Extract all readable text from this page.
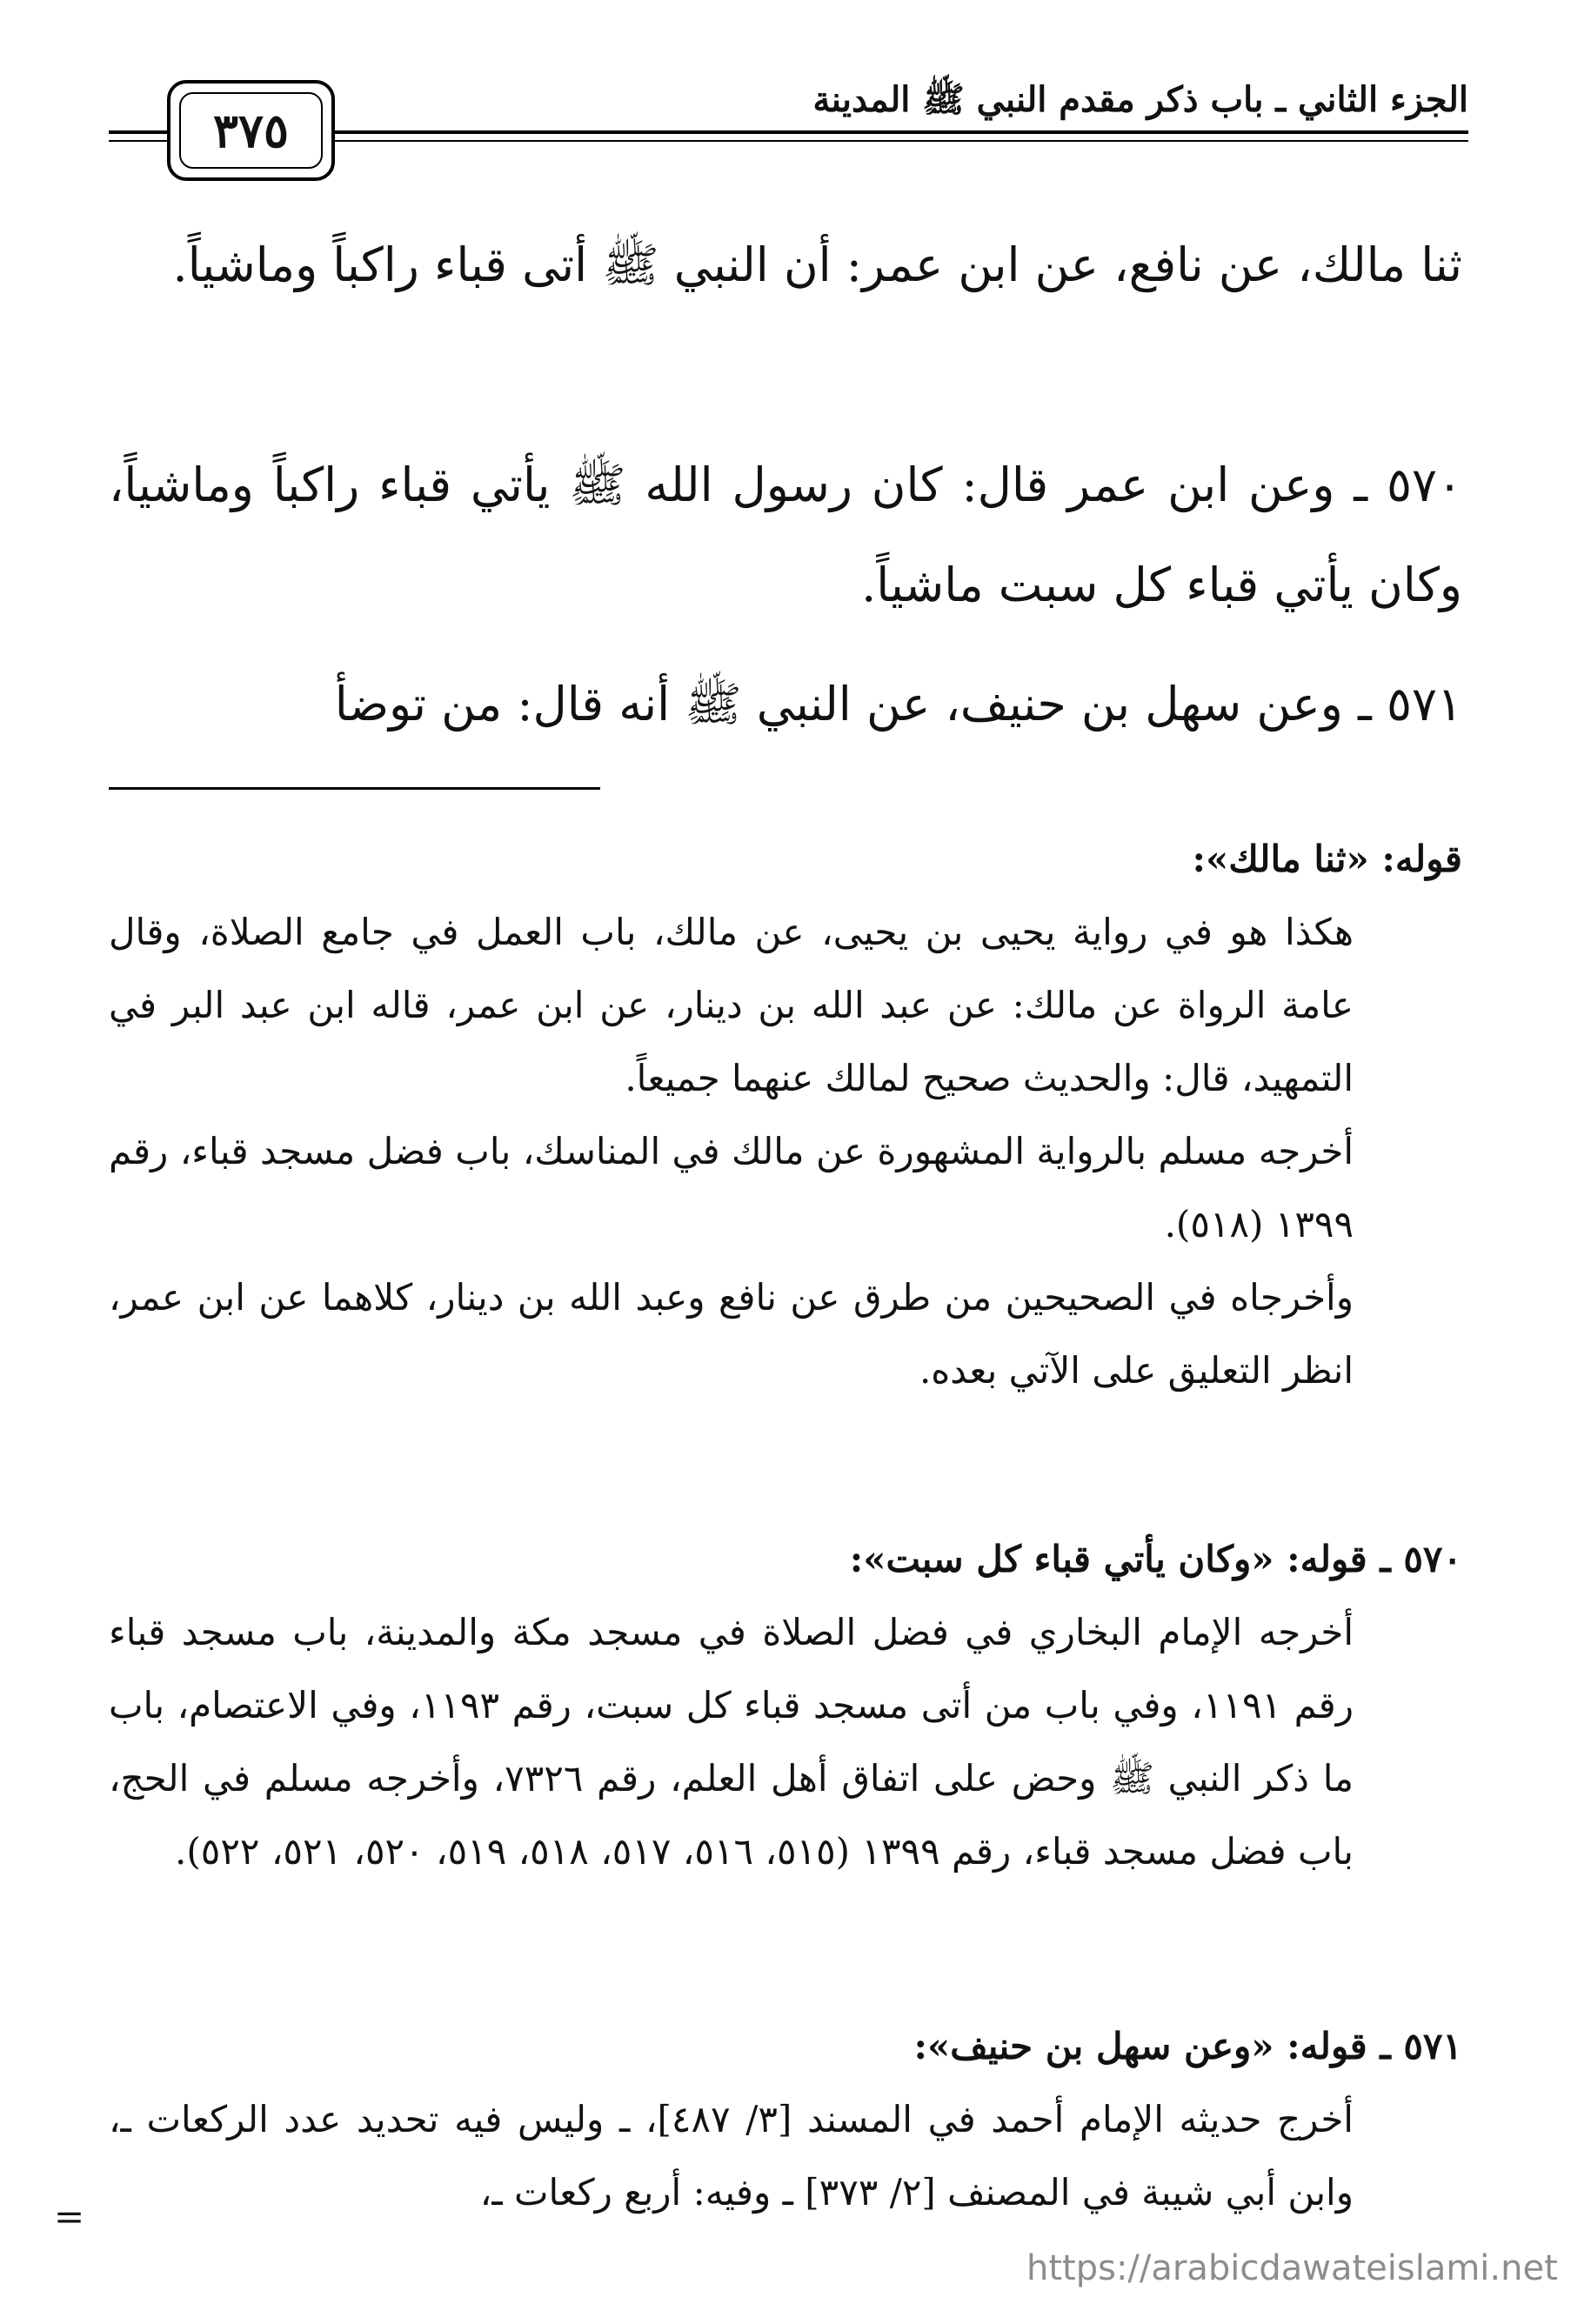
الجزء الثاني ـ باب ذكر مقدم النبي ﷺ المدينة
٣٧٥

ثنا مالك، عن نافع، عن ابن عمر: أن النبي ﷺ أتى قباء راكباً وماشياً.

٥٧٠ ـ وعن ابن عمر قال: كان رسول الله ﷺ يأتي قباء راكباً وماشياً، وكان يأتي قباء كل سبت ماشياً.

٥٧١ ـ وعن سهل بن حنيف، عن النبي ﷺ أنه قال: من توضأ

قوله: «ثنا مالك»:

هكذا هو في رواية يحيى بن يحيى، عن مالك، باب العمل في جامع الصلاة، وقال عامة الرواة عن مالك: عن عبد الله بن دينار، عن ابن عمر، قاله ابن عبد البر في التمهيد، قال: والحديث صحيح لمالك عنهما جميعاً.

أخرجه مسلم بالرواية المشهورة عن مالك في المناسك، باب فضل مسجد قباء، رقم ١٣٩٩ (٥١٨).

وأخرجاه في الصحيحين من طرق عن نافع وعبد الله بن دينار، كلاهما عن ابن عمر، انظر التعليق على الآتي بعده.

٥٧٠ ـ قوله: «وكان يأتي قباء كل سبت»:

أخرجه الإمام البخاري في فضل الصلاة في مسجد مكة والمدينة، باب مسجد قباء رقم ١١٩١، وفي باب من أتى مسجد قباء كل سبت، رقم ١١٩٣، وفي الاعتصام، باب ما ذكر النبي ﷺ وحض على اتفاق أهل العلم، رقم ٧٣٢٦، وأخرجه مسلم في الحج، باب فضل مسجد قباء، رقم ١٣٩٩ (٥١٥، ٥١٦، ٥١٧، ٥١٨، ٥١٩، ٥٢٠، ٥٢١، ٥٢٢).

٥٧١ ـ قوله: «وعن سهل بن حنيف»:

أخرج حديثه الإمام أحمد في المسند [٣/ ٤٨٧]، ـ وليس فيه تحديد عدد الركعات ـ، وابن أبي شيبة في المصنف [٢/ ٣٧٣] ـ وفيه: أربع ركعات ـ،

=
https://arabicdawateislami.net
